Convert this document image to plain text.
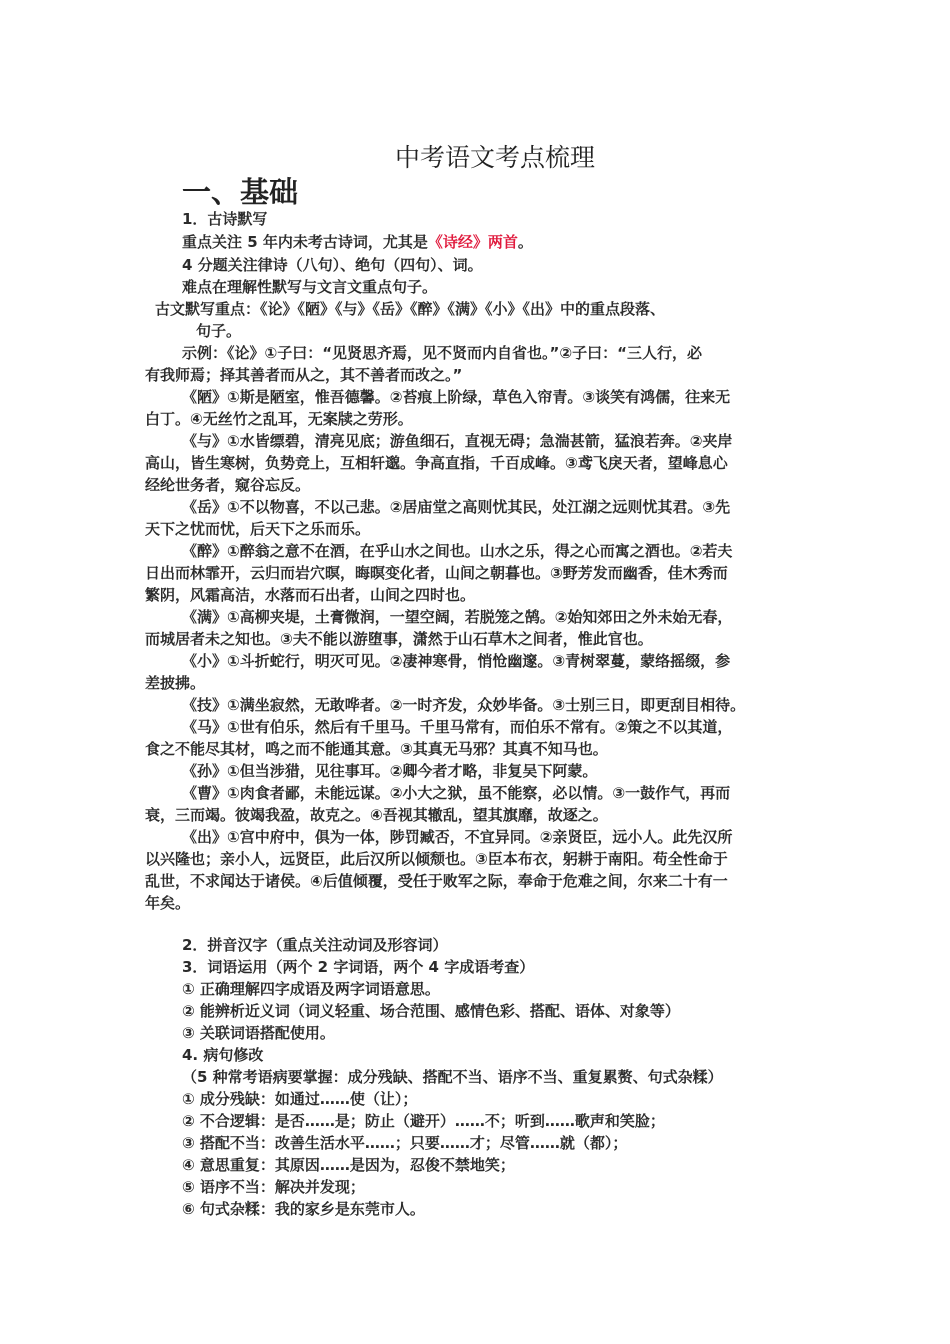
中考语文考点梳理
一、基础
1．古诗默写
重点关注 5 年内未考古诗词，尤其是《诗经》两首。
4 分题关注律诗（八句）、绝句（四句）、词。
难点在理解性默写与文言文重点句子。
古文默写重点：《论》《陋》《与》《岳》《醉》《满》《小》《出》中的重点段落、
句子。
示例：《论》①子曰：“见贤思齐焉，见不贤而内自省也。”②子曰：“三人行，必
有我师焉；择其善者而从之，其不善者而改之。”
《陋》①斯是陋室，惟吾德馨。②苔痕上阶绿，草色入帘青。③谈笑有鸿儒，往来无
白丁。④无丝竹之乱耳，无案牍之劳形。
《与》①水皆缥碧，清亮见底；游鱼细石，直视无碍；急湍甚箭，猛浪若奔。②夹岸
高山，皆生寒树，负势竞上，互相轩邈。争高直指，千百成峰。③鸢飞戾天者，望峰息心
经纶世务者，窥谷忘反。
《岳》①不以物喜，不以己悲。②居庙堂之高则忧其民，处江湖之远则忧其君。③先
天下之忧而忧，后天下之乐而乐。
《醉》①醉翁之意不在酒，在乎山水之间也。山水之乐，得之心而寓之酒也。②若夫
日出而林霏开，云归而岩穴暝，晦暝变化者，山间之朝暮也。③野芳发而幽香，佳木秀而
繁阴，风霜高洁，水落而石出者，山间之四时也。
《满》①高柳夹堤，土膏微润，一望空阔，若脱笼之鹄。②始知郊田之外未始无春，
而城居者未之知也。③夫不能以游堕事，潇然于山石草木之间者，惟此官也。
《小》①斗折蛇行，明灭可见。②凄神寒骨，悄怆幽邃。③青树翠蔓，蒙络摇缀，参
差披拂。
《技》①满坐寂然，无敢哗者。②一时齐发，众妙毕备。③士别三日，即更刮目相待。
《马》①世有伯乐，然后有千里马。千里马常有，而伯乐不常有。②策之不以其道，
食之不能尽其材，鸣之而不能通其意。③其真无马邪？其真不知马也。
《孙》①但当涉猎，见往事耳。②卿今者才略，非复吴下阿蒙。
《曹》①肉食者鄙，未能远谋。②小大之狱，虽不能察，必以情。③一鼓作气，再而
衰，三而竭。彼竭我盈，故克之。④吾视其辙乱，望其旗靡，故逐之。
《出》①宫中府中，俱为一体，陟罚臧否，不宜异同。②亲贤臣，远小人。此先汉所
以兴隆也；亲小人，远贤臣，此后汉所以倾颓也。③臣本布衣，躬耕于南阳。苟全性命于
乱世，不求闻达于诸侯。④后值倾覆，受任于败军之际，奉命于危难之间，尔来二十有一
年矣。
2．拼音汉字（重点关注动词及形容词）
3．词语运用（两个 2 字词语，两个 4 字成语考查）
① 正确理解四字成语及两字词语意思。
② 能辨析近义词（词义轻重、场合范围、感情色彩、搭配、语体、对象等）
③ 关联词语搭配使用。
4. 病句修改
（5 种常考语病要掌握：成分残缺、搭配不当、语序不当、重复累赘、句式杂糅）
① 成分残缺：如通过……使（让）；
② 不合逻辑：是否……是；防止（避开）……不；听到……歌声和笑脸；
③ 搭配不当：改善生活水平……；只要……才；尽管……就（都）；
④ 意思重复：其原因……是因为，忍俊不禁地笑；
⑤ 语序不当：解决并发现；
⑥ 句式杂糅：我的家乡是东莞市人。
